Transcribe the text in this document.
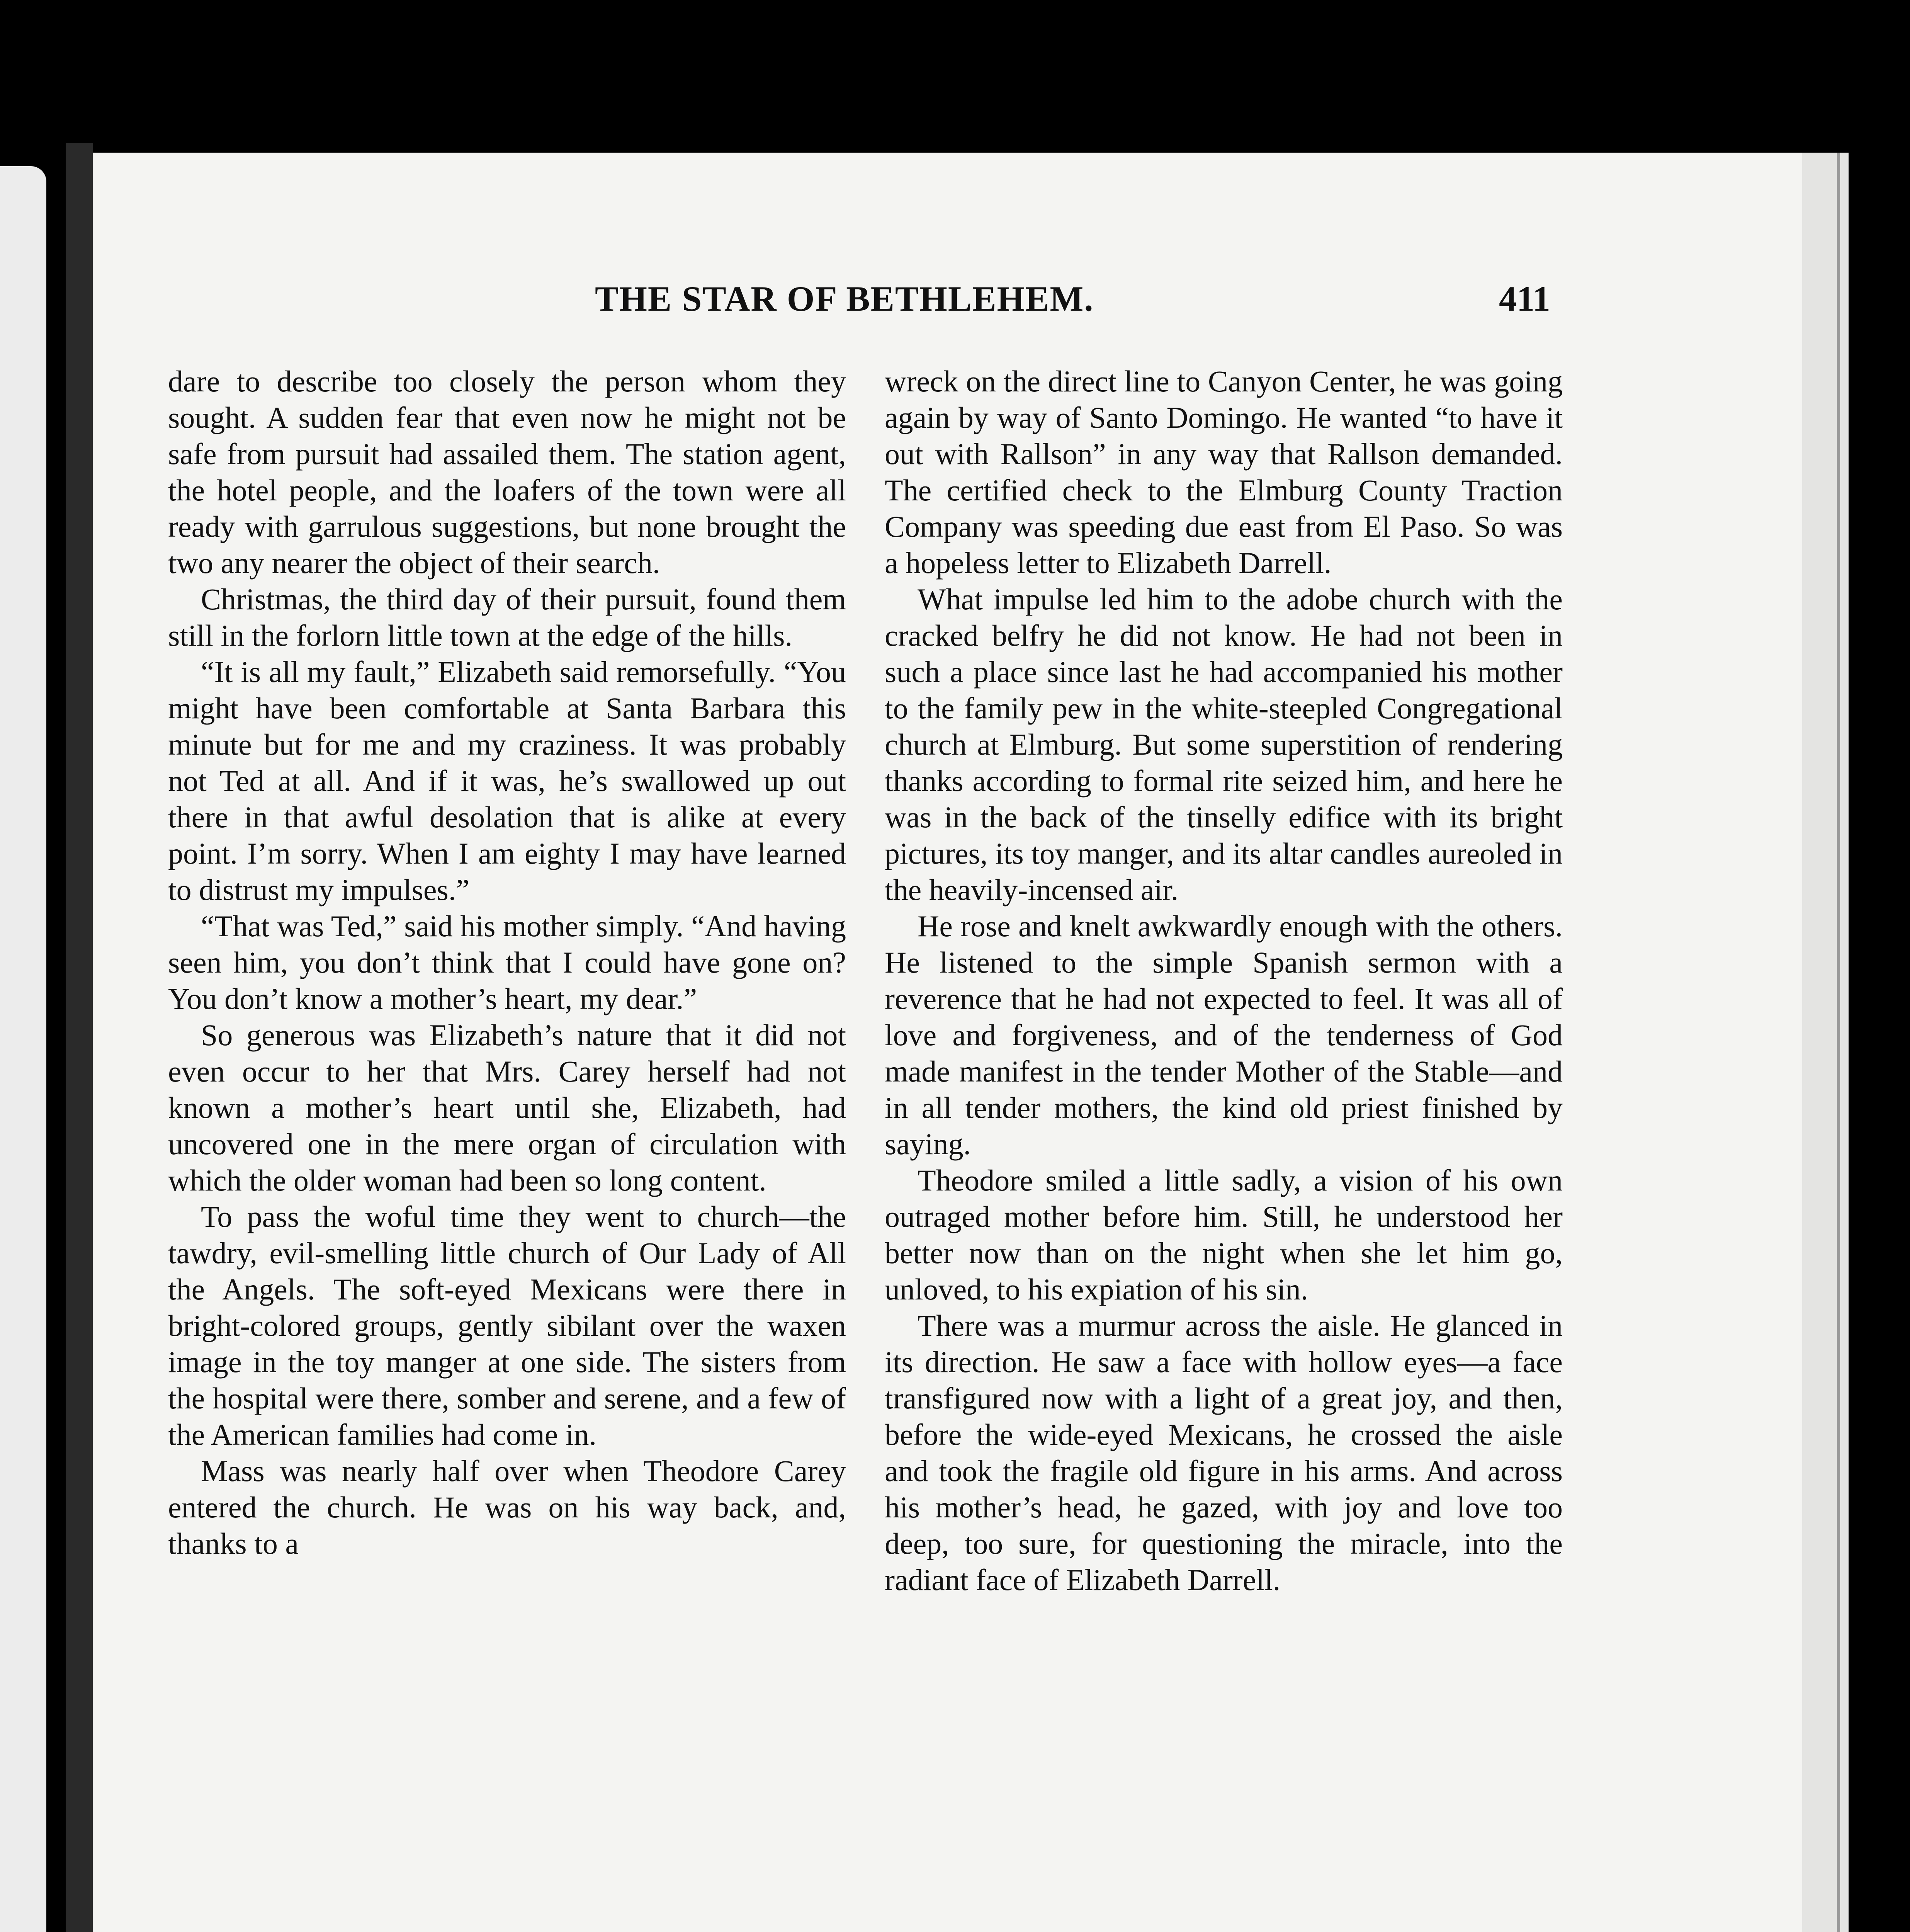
THE STAR OF BETHLEHEM.	411

dare to describe too closely the person whom they sought. A sudden fear that even now he might not be safe from pursuit had assailed them. The station agent, the hotel people, and the loafers of the town were all ready with garrulous suggestions, but none brought the two any nearer the object of their search.

Christmas, the third day of their pursuit, found them still in the forlorn little town at the edge of the hills.

“It is all my fault,” Elizabeth said remorsefully. “You might have been comfortable at Santa Barbara this minute but for me and my craziness. It was probably not Ted at all. And if it was, he’s swallowed up out there in that awful desolation that is alike at every point. I’m sorry. When I am eighty I may have learned to distrust my impulses.”

“That was Ted,” said his mother simply. “And having seen him, you don’t think that I could have gone on? You don’t know a mother’s heart, my dear.”

So generous was Elizabeth’s nature that it did not even occur to her that Mrs. Carey herself had not known a mother’s heart until she, Elizabeth, had uncovered one in the mere organ of circulation with which the older woman had been so long content.

To pass the woful time they went to church—the tawdry, evil-smelling little church of Our Lady of All the Angels. The soft-eyed Mexicans were there in bright-colored groups, gently sibilant over the waxen image in the toy manger at one side. The sisters from the hospital were there, somber and serene, and a few of the American families had come in.

Mass was nearly half over when Theodore Carey entered the church. He was on his way back, and, thanks to a

wreck on the direct line to Canyon Center, he was going again by way of Santo Domingo. He wanted “to have it out with Rallson” in any way that Rallson demanded. The certified check to the Elmburg County Traction Company was speeding due east from El Paso. So was a hopeless letter to Elizabeth Darrell.

What impulse led him to the adobe church with the cracked belfry he did not know. He had not been in such a place since last he had accompanied his mother to the family pew in the white-steepled Congregational church at Elmburg. But some superstition of rendering thanks according to formal rite seized him, and here he was in the back of the tinselly edifice with its bright pictures, its toy manger, and its altar candles aureoled in the heavily-incensed air.

He rose and knelt awkwardly enough with the others. He listened to the simple Spanish sermon with a reverence that he had not expected to feel. It was all of love and forgiveness, and of the tenderness of God made manifest in the tender Mother of the Stable—and in all tender mothers, the kind old priest finished by saying.

Theodore smiled a little sadly, a vision of his own outraged mother before him. Still, he understood her better now than on the night when she let him go, unloved, to his expiation of his sin.

There was a murmur across the aisle. He glanced in its direction. He saw a face with hollow eyes—a face transfigured now with a light of a great joy, and then, before the wide-eyed Mexicans, he crossed the aisle and took the fragile old figure in his arms. And across his mother’s head, he gazed, with joy and love too deep, too sure, for questioning the miracle, into the radiant face of Elizabeth Darrell.
